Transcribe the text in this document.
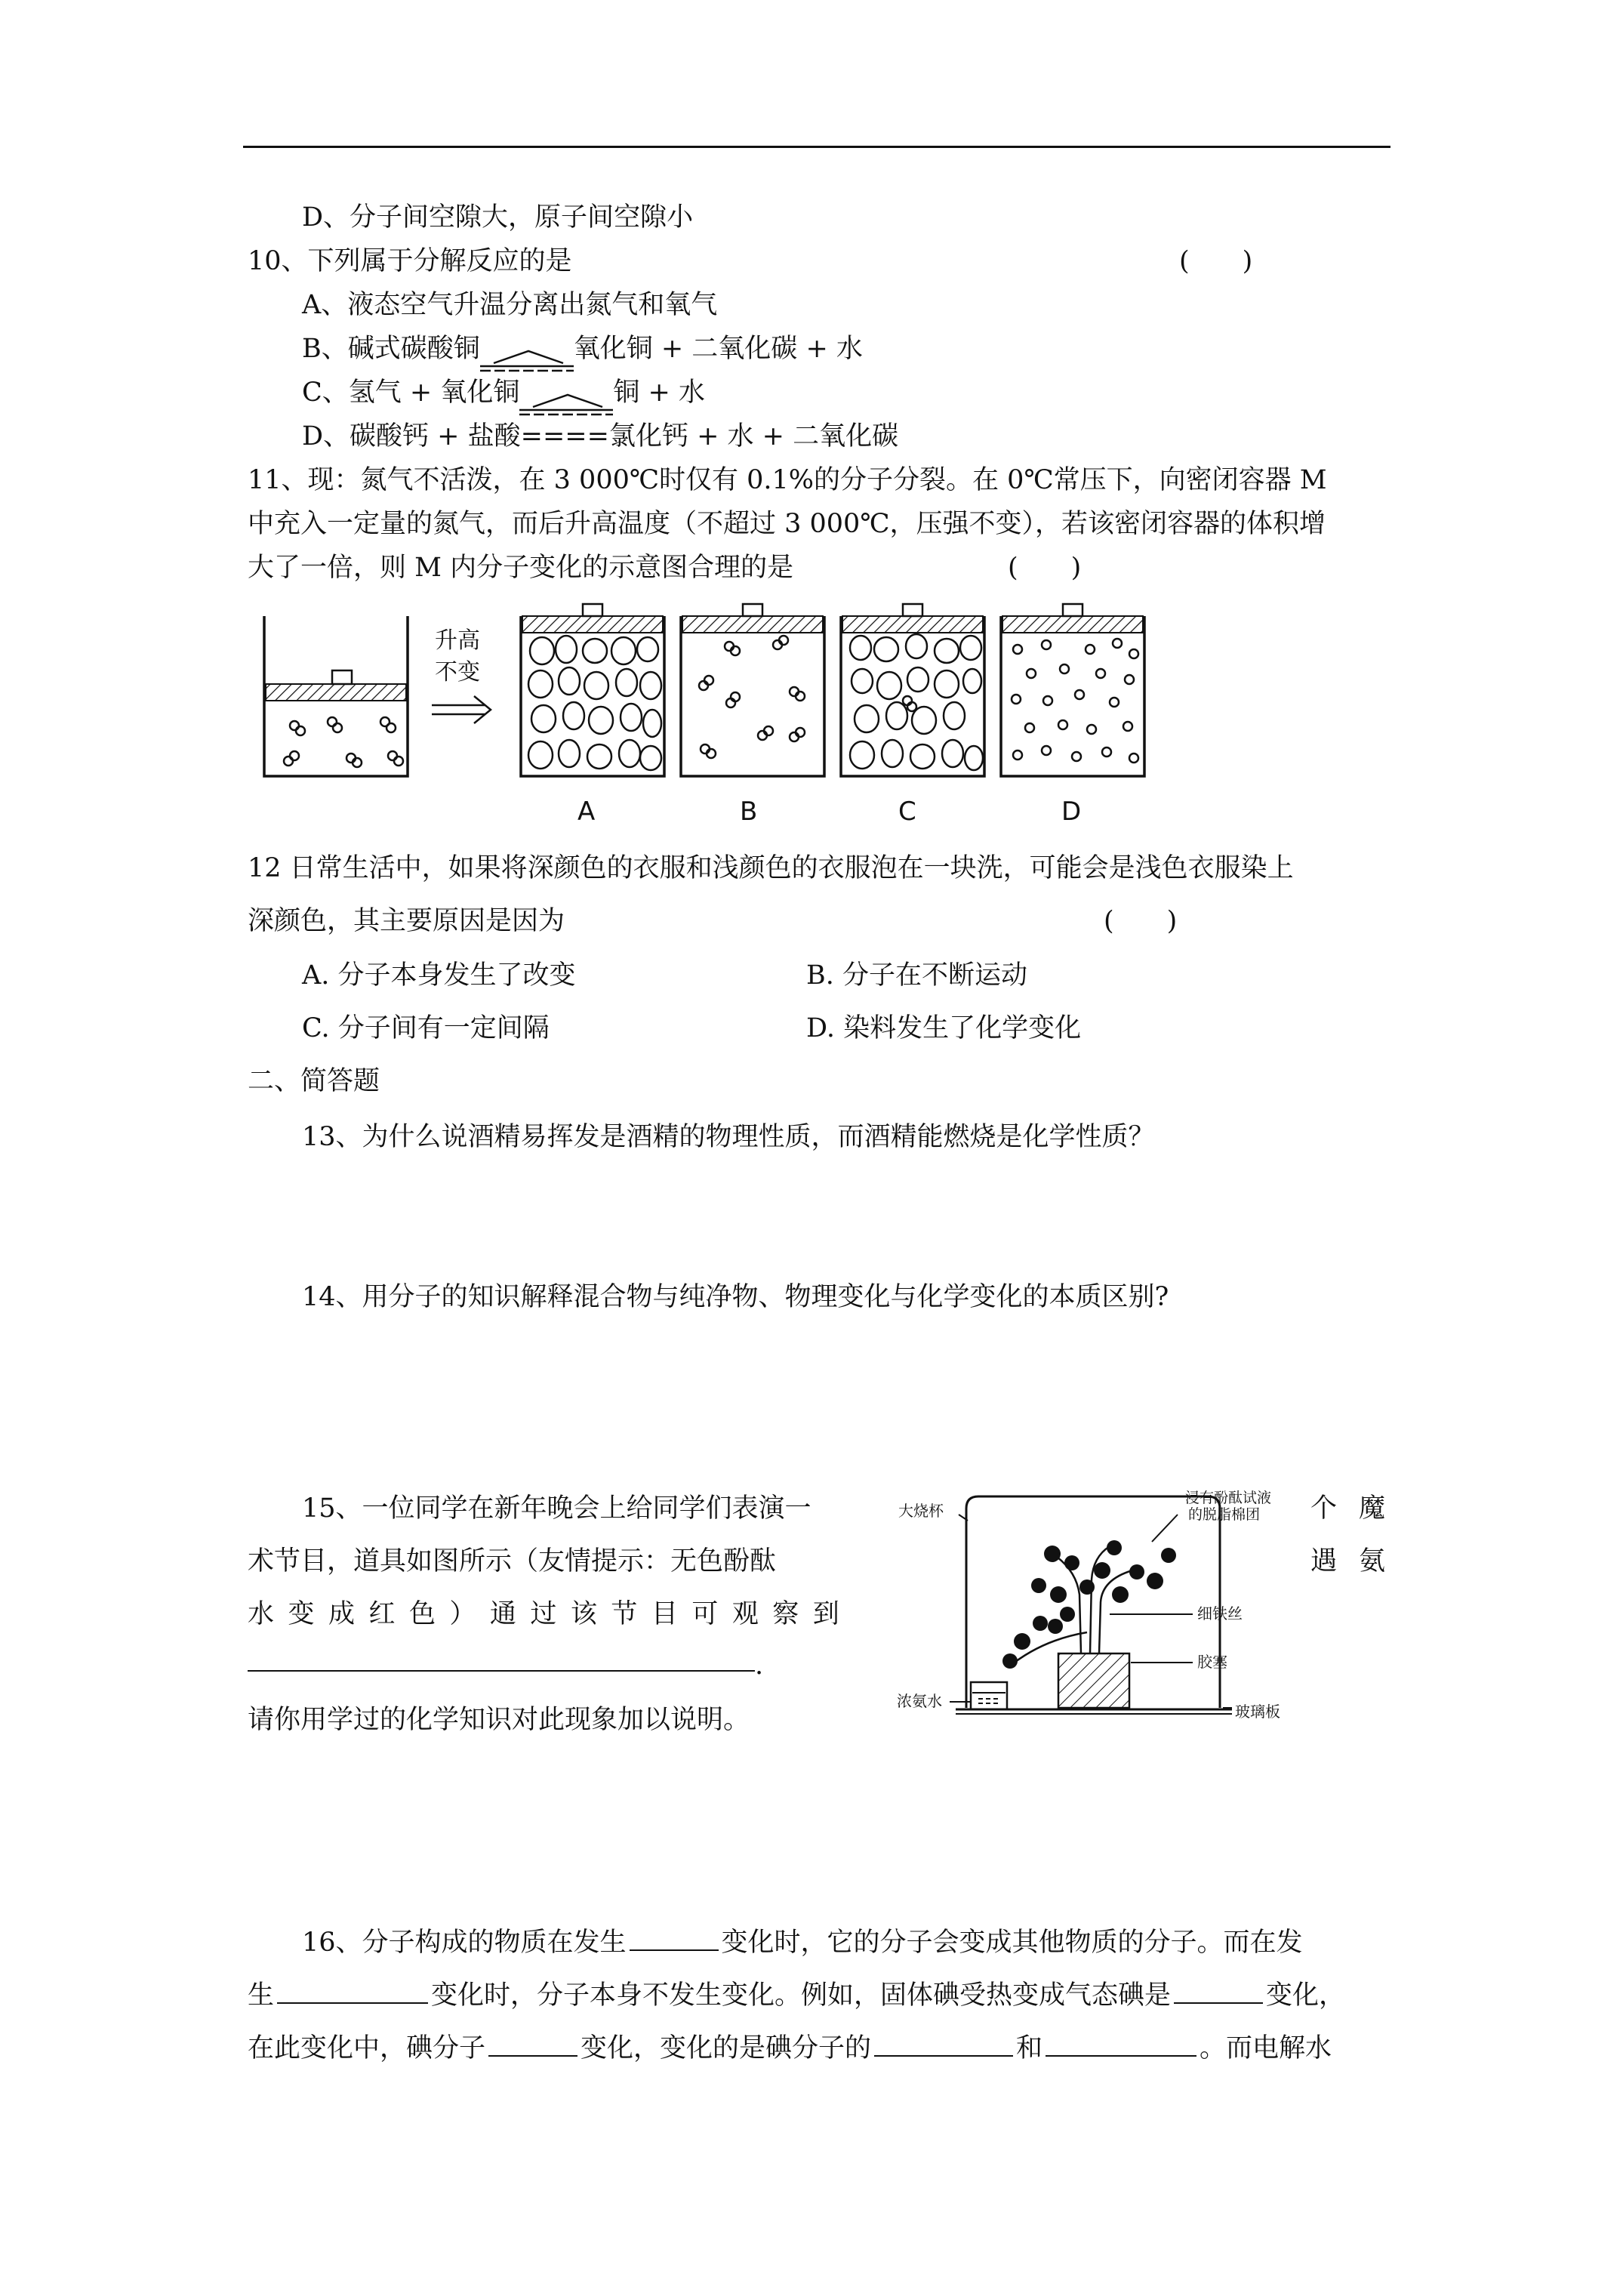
D、分子间空隙大，原子间空隙小
10、下列属于分解反应的是	(　　)
A、液态空气升温分离出氮气和氧气
B、碱式碳酸铜	氧化铜 + 二氧化碳 + 水
C、氢气 + 氧化铜	铜 + 水
D、碳酸钙 + 盐酸====氯化钙 + 水 + 二氧化碳
11、现：氮气不活泼，在 3 000℃时仅有 0.1%的分子分裂。在 0℃常压下，向密闭容器 M
中充入一定量的氮气，而后升高温度（不超过 3 000℃，压强不变），若该密闭容器的体积增
大了一倍，则 M 内分子变化的示意图合理的是	(　　)
升高
不变
A	B	C	D
12 日常生活中，如果将深颜色的衣服和浅颜色的衣服泡在一块洗，可能会是浅色衣服染上
深颜色，其主要原因是因为	(　　)
A. 分子本身发生了改变	B. 分子在不断运动
C. 分子间有一定间隔	D. 染料发生了化学变化
二、简答题
13、为什么说酒精易挥发是酒精的物理性质，而酒精能燃烧是化学性质？
14、用分子的知识解释混合物与纯净物、物理变化与化学变化的本质区别?
15、一位同学在新年晚会上给同学们表演一	个 魔
术节目，道具如图所示（友情提示：无色酚酞	遇 氨
水 变 成 红 色 ） 通 过 该 节 目 可 观 察 到
.
请你用学过的化学知识对此现象加以说明。
浸有酚酞试液
的脱脂棉团
大烧杯
细铁丝
胶塞
浓氨水
玻璃板
16、分子构成的物质在发生	变化时，它的分子会变成其他物质的分子。而在发
生	变化时，分子本身不发生变化。例如，固体碘受热变成气态碘是	变化，
在此变化中，碘分子	变化，变化的是碘分子的	和	。而电解水
